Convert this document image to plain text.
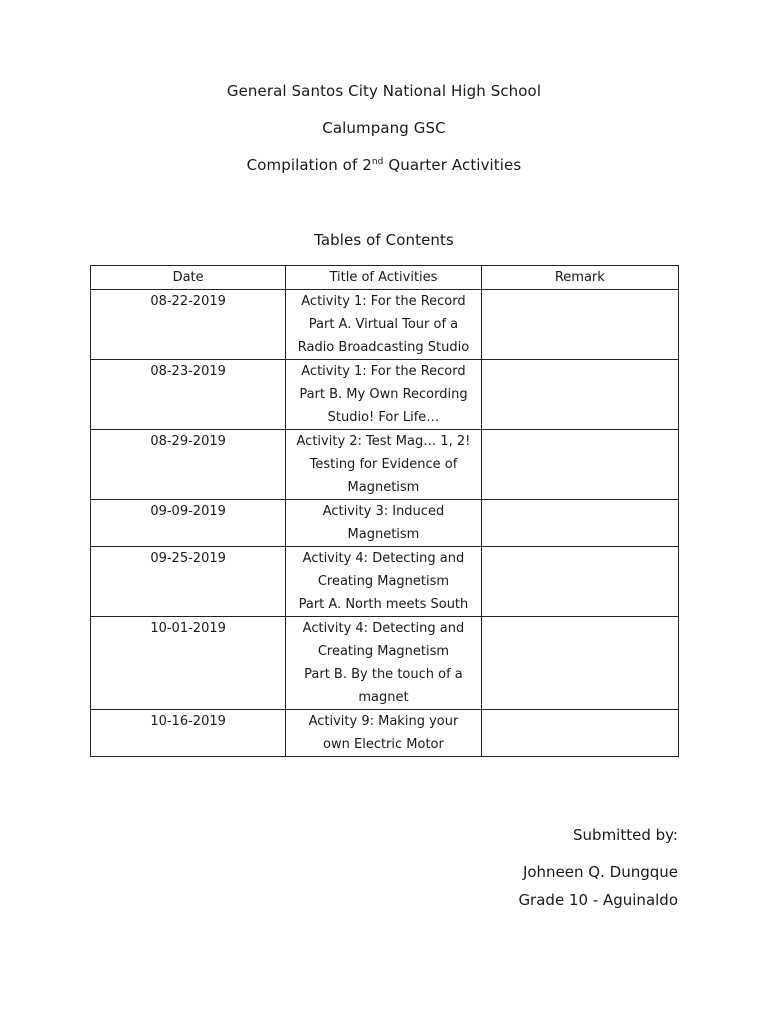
General Santos City National High School
Calumpang GSC
Compilation of 2nd Quarter Activities
Tables of Contents
Date	Title of Activities	Remark
08-22-2019	Activity 1: For the Record
Part A. Virtual Tour of a
Radio Broadcasting Studio	

08-23-2019	Activity 1: For the Record
Part B. My Own Recording
Studio! For Life…	

08-29-2019	Activity 2: Test Mag… 1, 2!
Testing for Evidence of
Magnetism	

09-09-2019	Activity 3: Induced
Magnetism	

09-25-2019	Activity 4: Detecting and
Creating Magnetism
Part A. North meets South	

10-01-2019	Activity 4: Detecting and
Creating Magnetism
Part B. By the touch of a
magnet	

10-16-2019	Activity 9: Making your
own Electric Motor	

Submitted by:
Johneen Q. Dungque
Grade 10 - Aguinaldo
